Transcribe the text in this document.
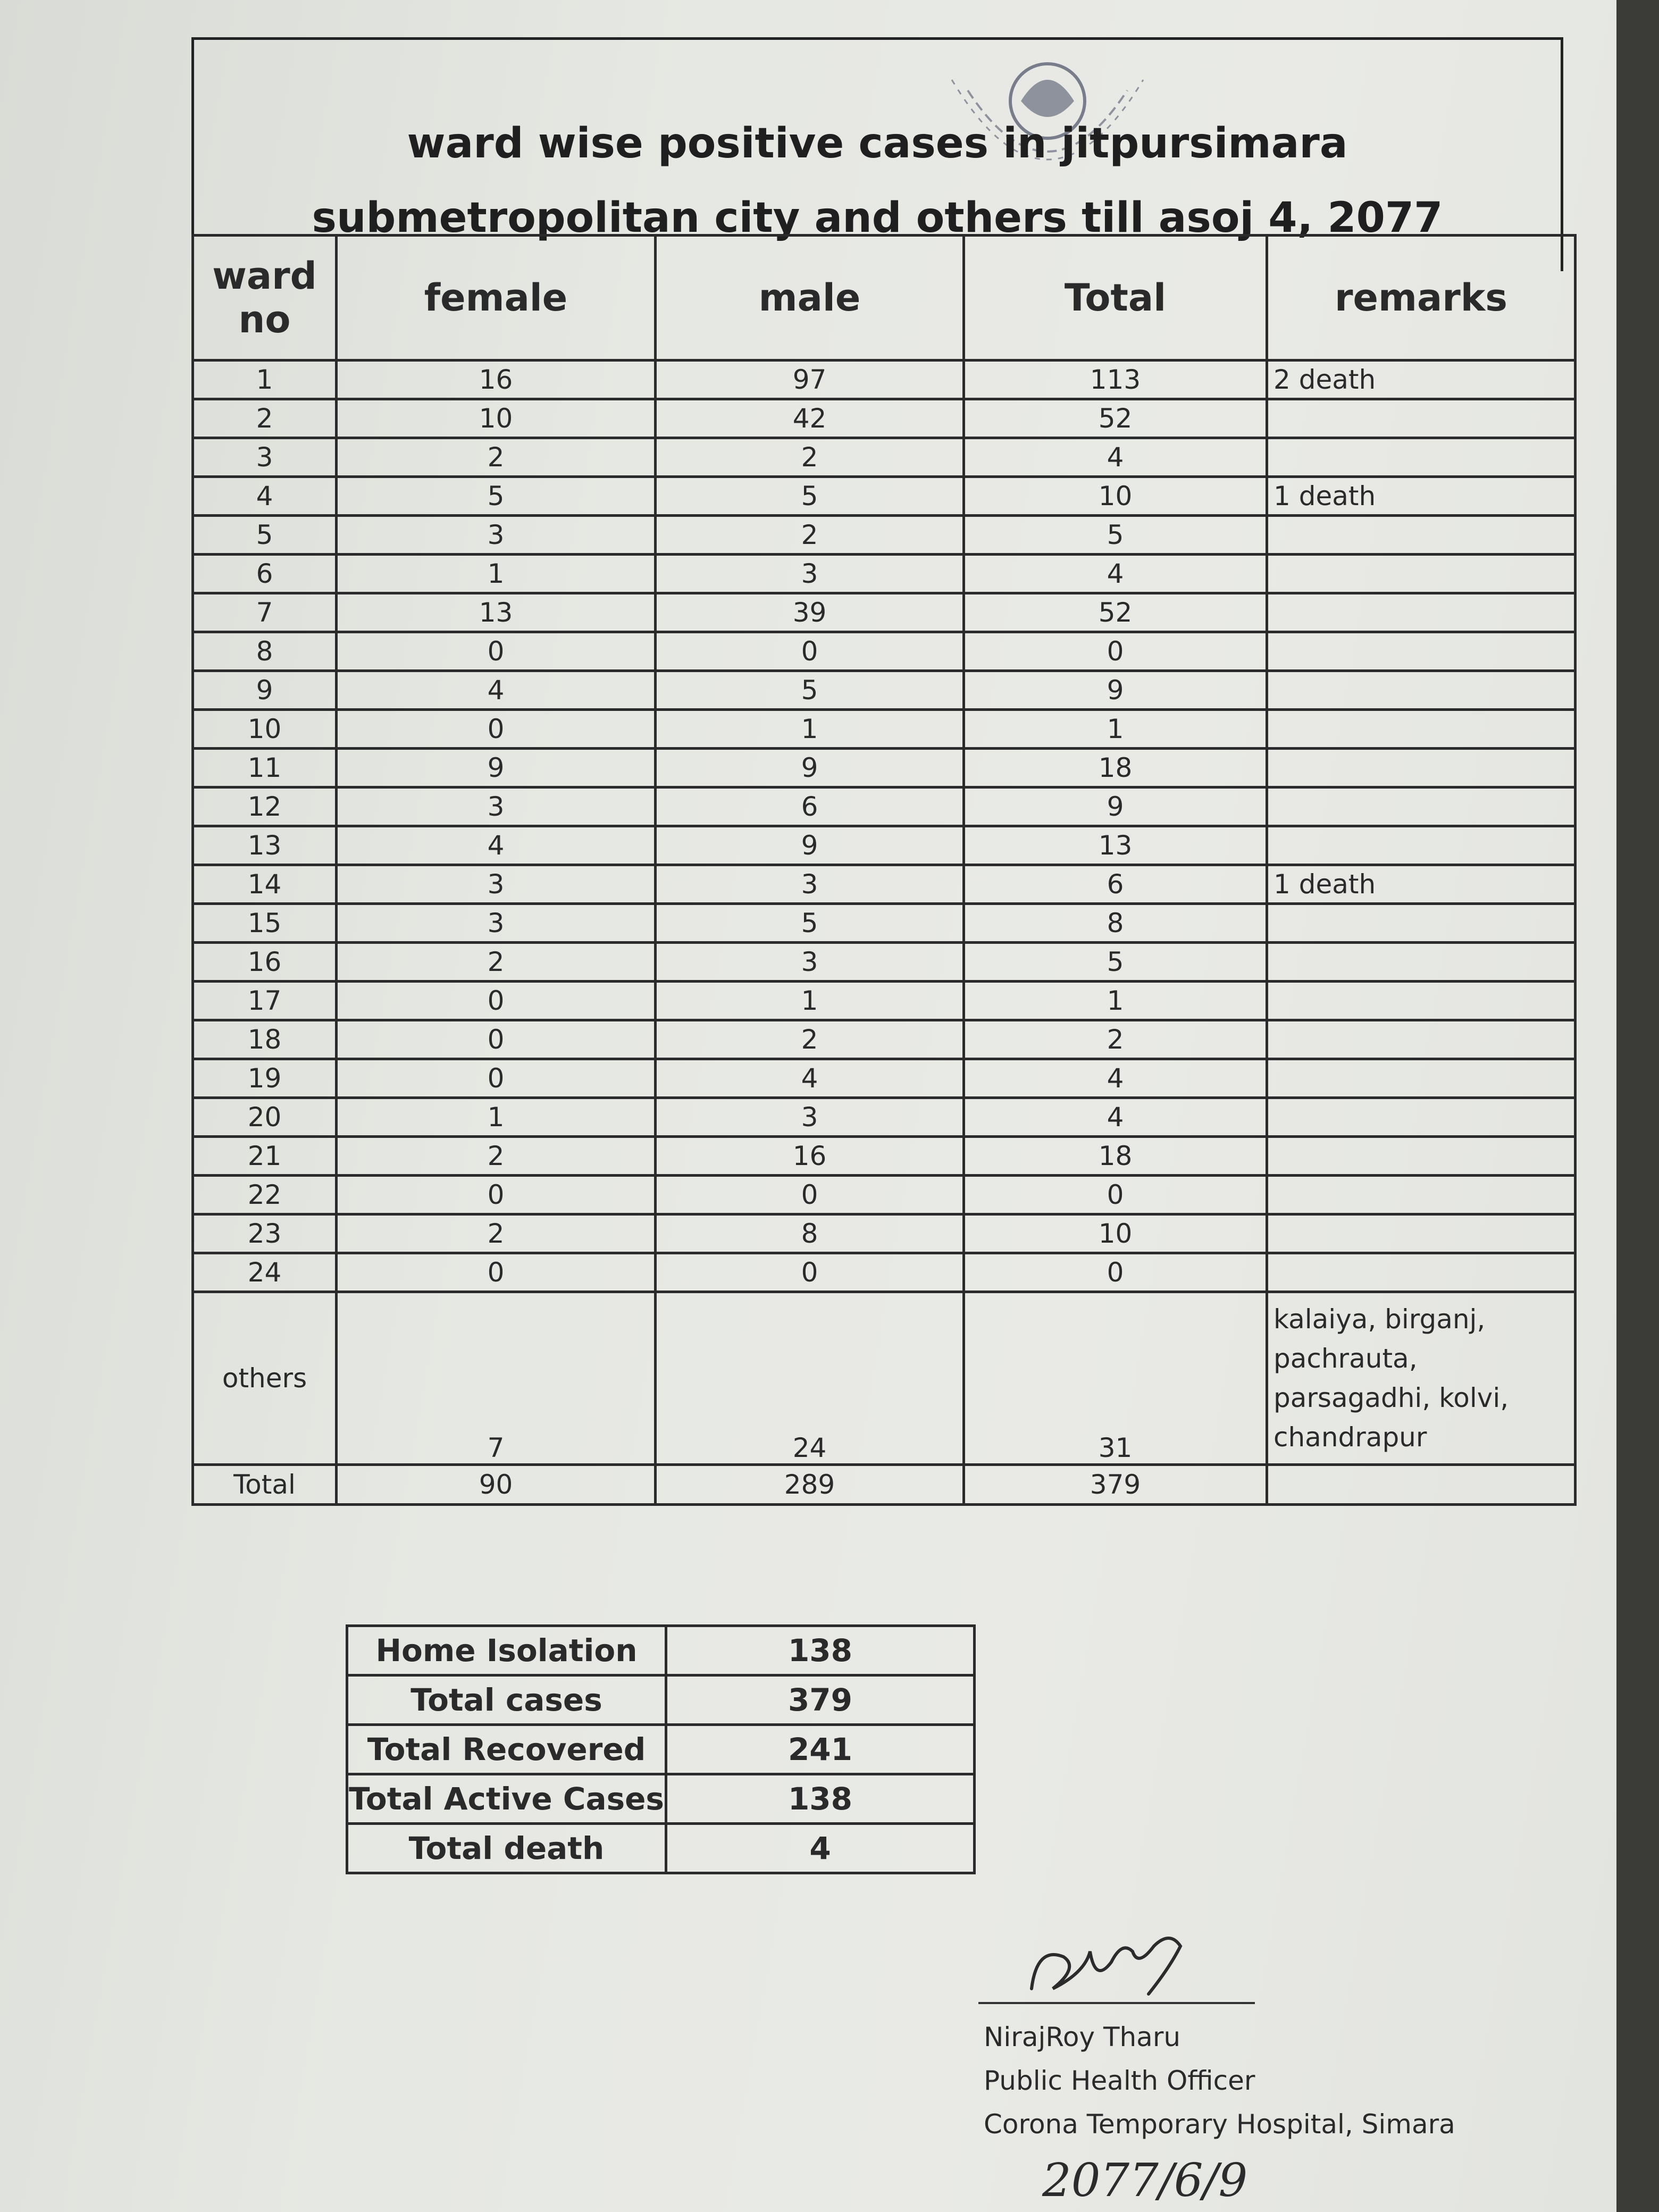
ward wise positive cases in jitpursimara submetropolitan city and others till asoj 4, 2077
ward no	female	male	Total	remarks
1	16	97	113	2 death
2	10	42	52	
3	2	2	4	
4	5	5	10	1 death
5	3	2	5	
6	1	3	4	
7	13	39	52	
8	0	0	0	
9	4	5	9	
10	0	1	1	
11	9	9	18	
12	3	6	9	
13	4	9	13	
14	3	3	6	1 death
15	3	5	8	
16	2	3	5	
17	0	1	1	
18	0	2	2	
19	0	4	4	
20	1	3	4	
21	2	16	18	
22	0	0	0	
23	2	8	10	
24	0	0	0	
others	7	24	31	kalaiya, birganj, pachrauta, parsagadhi, kolvi, chandrapur
Total	90	289	379	
Home Isolation	138
Total cases	379
Total Recovered	241
Total Active Cases	138
Total death	4
NirajRoy Tharu
Public Health Officer
Corona Temporary Hospital, Simara
2077/6/9
